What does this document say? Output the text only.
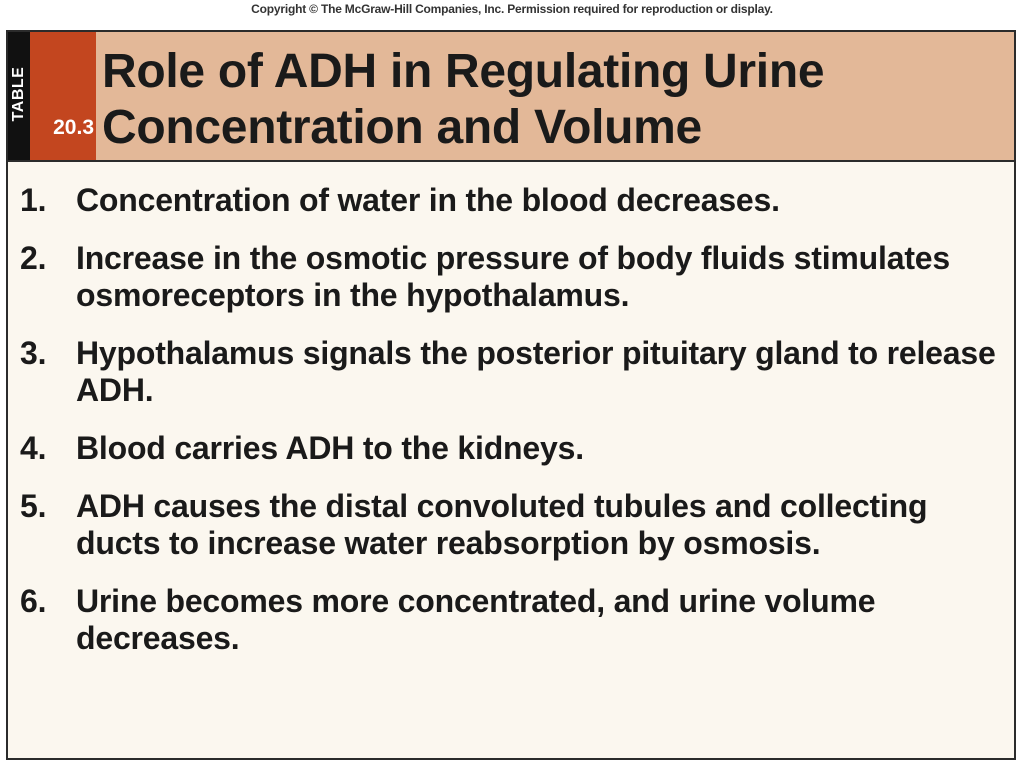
Copyright © The McGraw-Hill Companies, Inc. Permission required for reproduction or display.
TABLE
20.3
Role of ADH in Regulating Urine Concentration and Volume
1. Concentration of water in the blood decreases.
2. Increase in the osmotic pressure of body fluids stimulates osmoreceptors in the hypothalamus.
3. Hypothalamus signals the posterior pituitary gland to release ADH.
4. Blood carries ADH to the kidneys.
5. ADH causes the distal convoluted tubules and collecting ducts to increase water reabsorption by osmosis.
6. Urine becomes more concentrated, and urine volume decreases.
